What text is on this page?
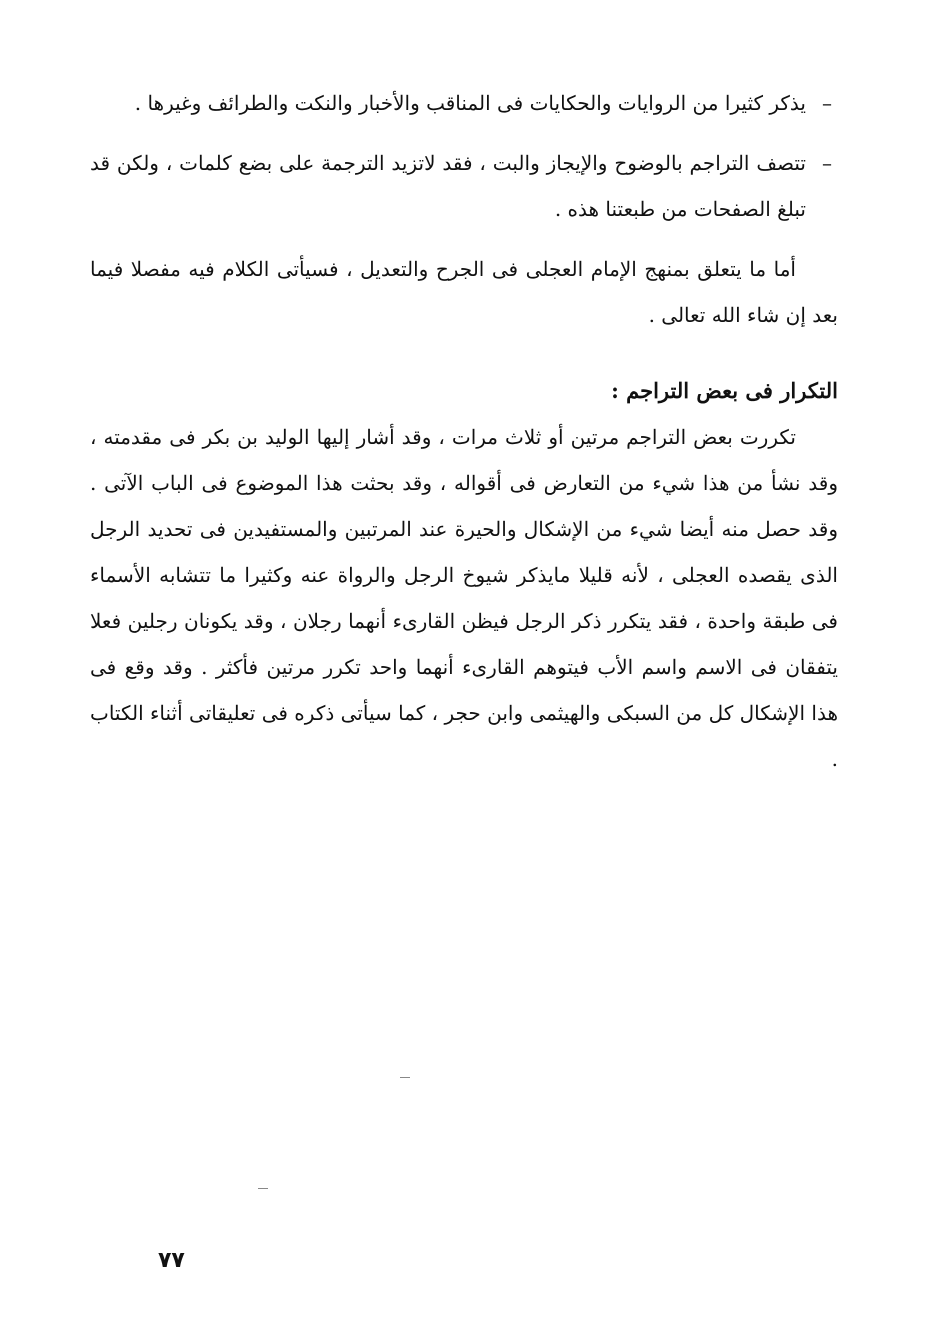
–
يذكر كثيرا من الروايات والحكايات فى المناقب والأخبار والنكت والطرائف وغيرها .
–
تتصف التراجم بالوضوح والإيجاز والبت ، فقد لاتزيد الترجمة على بضع كلمات ، ولكن قد تبلغ الصفحات من طبعتنا هذه .

أما ما يتعلق بمنهج الإمام العجلى فى الجرح والتعديل ، فسيأتى الكلام فيه مفصلا فيما بعد إن شاء الله تعالى .

التكرار فى بعض التراجم :

تكررت بعض التراجم مرتين أو ثلاث مرات ، وقد أشار إليها الوليد بن بكر فى مقدمته ، وقد نشأ من هذا شيء من التعارض فى أقواله ، وقد بحثت هذا الموضوع فى الباب الآتى . وقد حصل منه أيضا شيء من الإشكال والحيرة عند المرتبين والمستفيدين فى تحديد الرجل الذى يقصده العجلى ، لأنه قليلا مايذكر شيوخ الرجل والرواة عنه وكثيرا ما تتشابه الأسماء فى طبقة واحدة ، فقد يتكرر ذكر الرجل فيظن القارىء أنهما رجلان ، وقد يكونان رجلين فعلا يتفقان فى الاسم واسم الأب فيتوهم القارىء أنهما واحد تكرر مرتين فأكثر . وقد وقع فى هذا الإشكال كل من السبكى والهيثمى وابن حجر ، كما سيأتى ذكره فى تعليقاتى أثناء الكتاب .

٧٧
